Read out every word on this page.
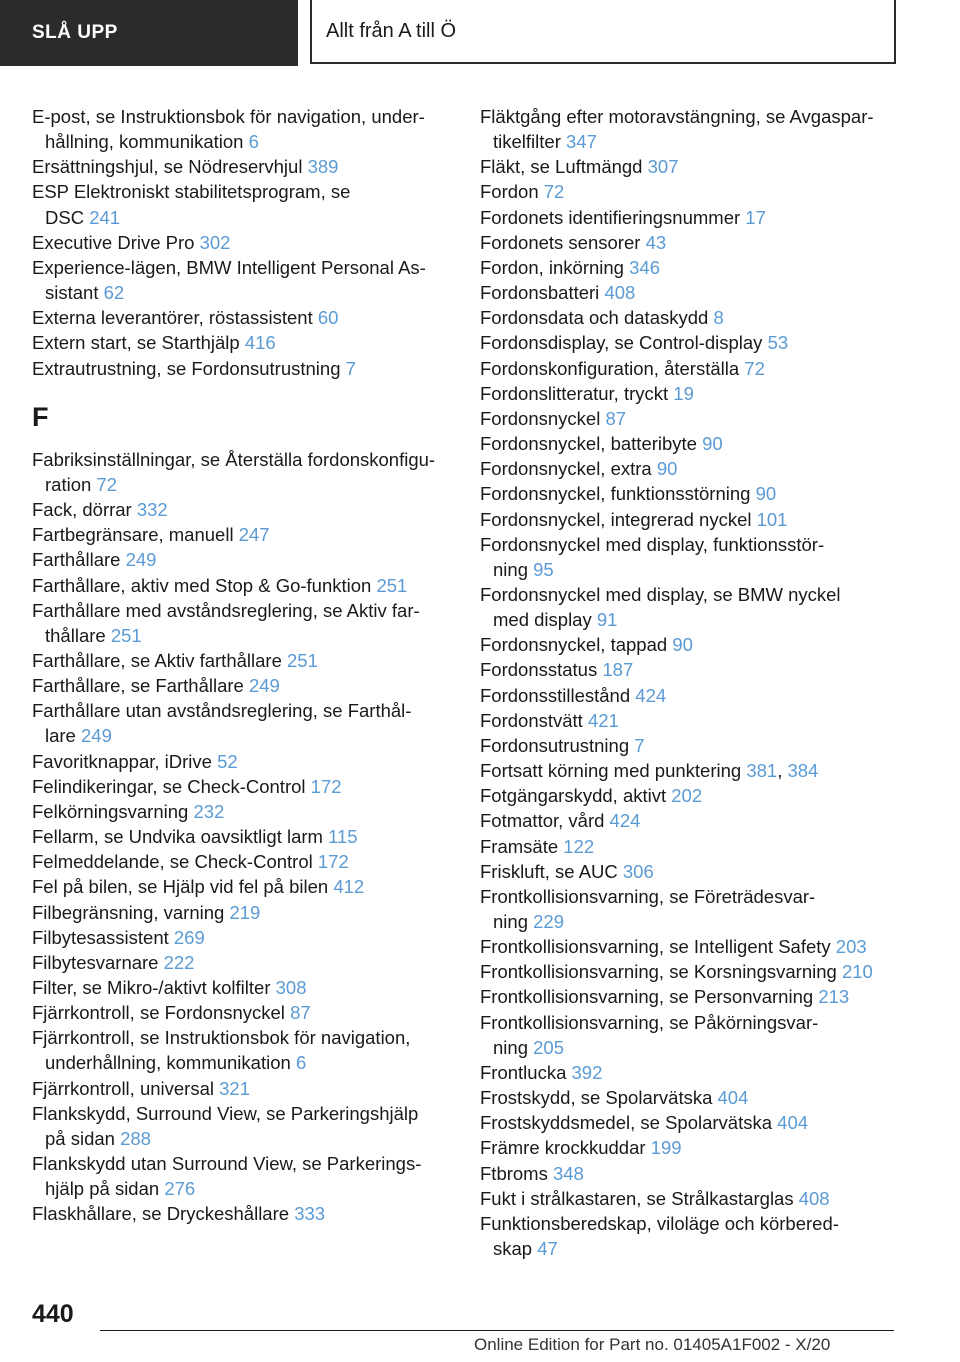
SLÅ UPP	Allt från A till Ö
E-post, se Instruktionsbok för navigation, under-
hållning, kommunikation 6
Ersättningshjul, se Nödreservhjul 389
ESP Elektroniskt stabilitetsprogram, se
DSC 241
Executive Drive Pro 302
Experience-lägen, BMW Intelligent Personal As-
sistant 62
Externa leverantörer, röstassistent 60
Extern start, se Starthjälp 416
Extrautrustning, se Fordonsutrustning 7
F
Fabriksinställningar, se Återställa fordonskonfigu-
ration 72
Fack, dörrar 332
Fartbegränsare, manuell 247
Farthållare 249
Farthållare, aktiv med Stop & Go-funktion 251
Farthållare med avståndsreglering, se Aktiv far-
thållare 251
Farthållare, se Aktiv farthållare 251
Farthållare, se Farthållare 249
Farthållare utan avståndsreglering, se Farthål-
lare 249
Favoritknappar, iDrive 52
Felindikeringar, se Check-Control 172
Felkörningsvarning 232
Fellarm, se Undvika oavsiktligt larm 115
Felmeddelande, se Check-Control 172
Fel på bilen, se Hjälp vid fel på bilen 412
Filbegränsning, varning 219
Filbytesassistent 269
Filbytesvarnare 222
Filter, se Mikro-/aktivt kolfilter 308
Fjärrkontroll, se Fordonsnyckel 87
Fjärrkontroll, se Instruktionsbok för navigation,
underhållning, kommunikation 6
Fjärrkontroll, universal 321
Flankskydd, Surround View, se Parkeringshjälp
på sidan 288
Flankskydd utan Surround View, se Parkerings-
hjälp på sidan 276
Flaskhållare, se Dryckeshållare 333
Fläktgång efter motoravstängning, se Avgaspar-
tikelfilter 347
Fläkt, se Luftmängd 307
Fordon 72
Fordonets identifieringsnummer 17
Fordonets sensorer 43
Fordon, inkörning 346
Fordonsbatteri 408
Fordonsdata och dataskydd 8
Fordonsdisplay, se Control-display 53
Fordonskonfiguration, återställa 72
Fordonslitteratur, tryckt 19
Fordonsnyckel 87
Fordonsnyckel, batteribyte 90
Fordonsnyckel, extra 90
Fordonsnyckel, funktionsstörning 90
Fordonsnyckel, integrerad nyckel 101
Fordonsnyckel med display, funktionsstör-
ning 95
Fordonsnyckel med display, se BMW nyckel
med display 91
Fordonsnyckel, tappad 90
Fordonsstatus 187
Fordonsstillestånd 424
Fordonstvätt 421
Fordonsutrustning 7
Fortsatt körning med punktering 381, 384
Fotgängarskydd, aktivt 202
Fotmattor, vård 424
Framsäte 122
Friskluft, se AUC 306
Frontkollisionsvarning, se Företrädesvar-
ning 229
Frontkollisionsvarning, se Intelligent Safety 203
Frontkollisionsvarning, se Korsningsvarning 210
Frontkollisionsvarning, se Personvarning 213
Frontkollisionsvarning, se Påkörningsvar-
ning 205
Frontlucka 392
Frostskydd, se Spolarvätska 404
Frostskyddsmedel, se Spolarvätska 404
Främre krockkuddar 199
Ftbroms 348
Fukt i strålkastaren, se Strålkastarglas 408
Funktionsberedskap, viloläge och körbered-
skap 47
440
Online Edition for Part no. 01405A1F002 - X/20
